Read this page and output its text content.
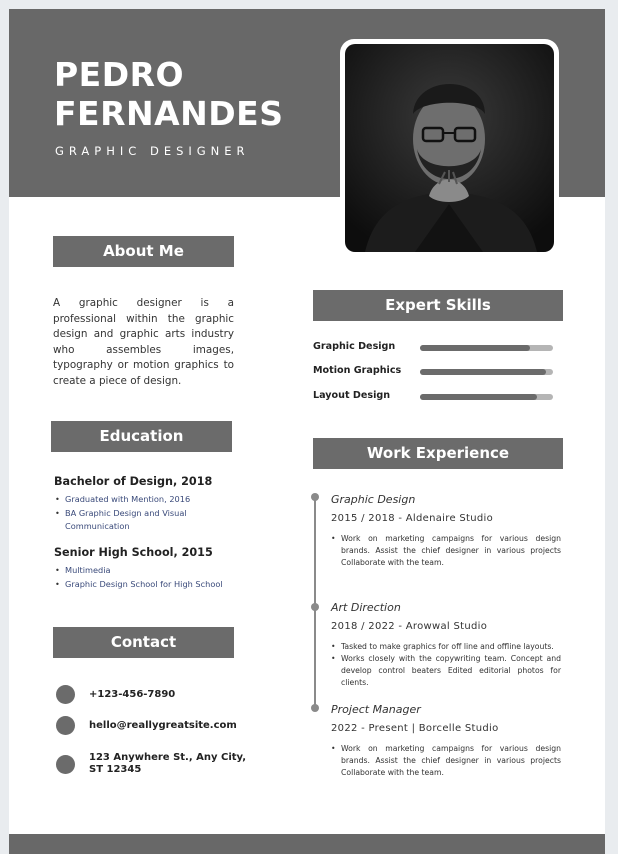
PEDRO
FERNANDES
GRAPHIC DESIGNER
About Me

A graphic designer is a professional within the graphic design and graphic arts industry who assembles images, typography or motion graphics to create a piece of design.

Education
Bachelor of Design, 2018
• Graduated with Mention, 2016
• BA Graphic Design and Visual Communication
Senior High School, 2015
• Multimedia
• Graphic Design School for High School
Contact
+123-456-7890
hello@reallygreatsite.com
123 Anywhere St., Any City,
ST 12345
Expert Skills
Graphic Design
Motion Graphics
Layout Design
Work Experience
Graphic Design
2015 / 2018 - Aldenaire Studio
• Work on marketing campaigns for various design brands. Assist the chief designer in various projects Collaborate with the team.
Art Direction
2018 / 2022 - Arowwal Studio
• Tasked to make graphics for off line and offline layouts.
• Works closely with the copywriting team. Concept and develop control beaters Edited editorial photos for clients.
Project Manager
2022 - Present | Borcelle Studio
• Work on marketing campaigns for various design brands. Assist the chief designer in various projects Collaborate with the team.
